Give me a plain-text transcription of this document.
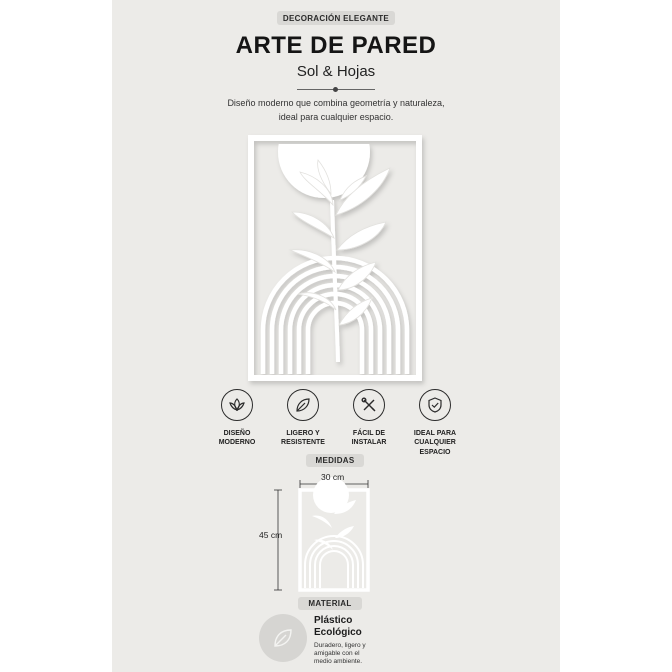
DECORACIÓN ELEGANTE
ARTE DE PARED
Sol & Hojas
Diseño moderno que combina geometría y naturaleza,
ideal para cualquier espacio.
DISEÑO
MODERNO
LIGERO Y
RESISTENTE
FÁCIL DE
INSTALAR
IDEAL PARA
CUALQUIER
ESPACIO
MEDIDAS
30 cm
45 cm
MATERIAL
Plástico
Ecológico
Duradero, ligero y
amigable con el
medio ambiente.
